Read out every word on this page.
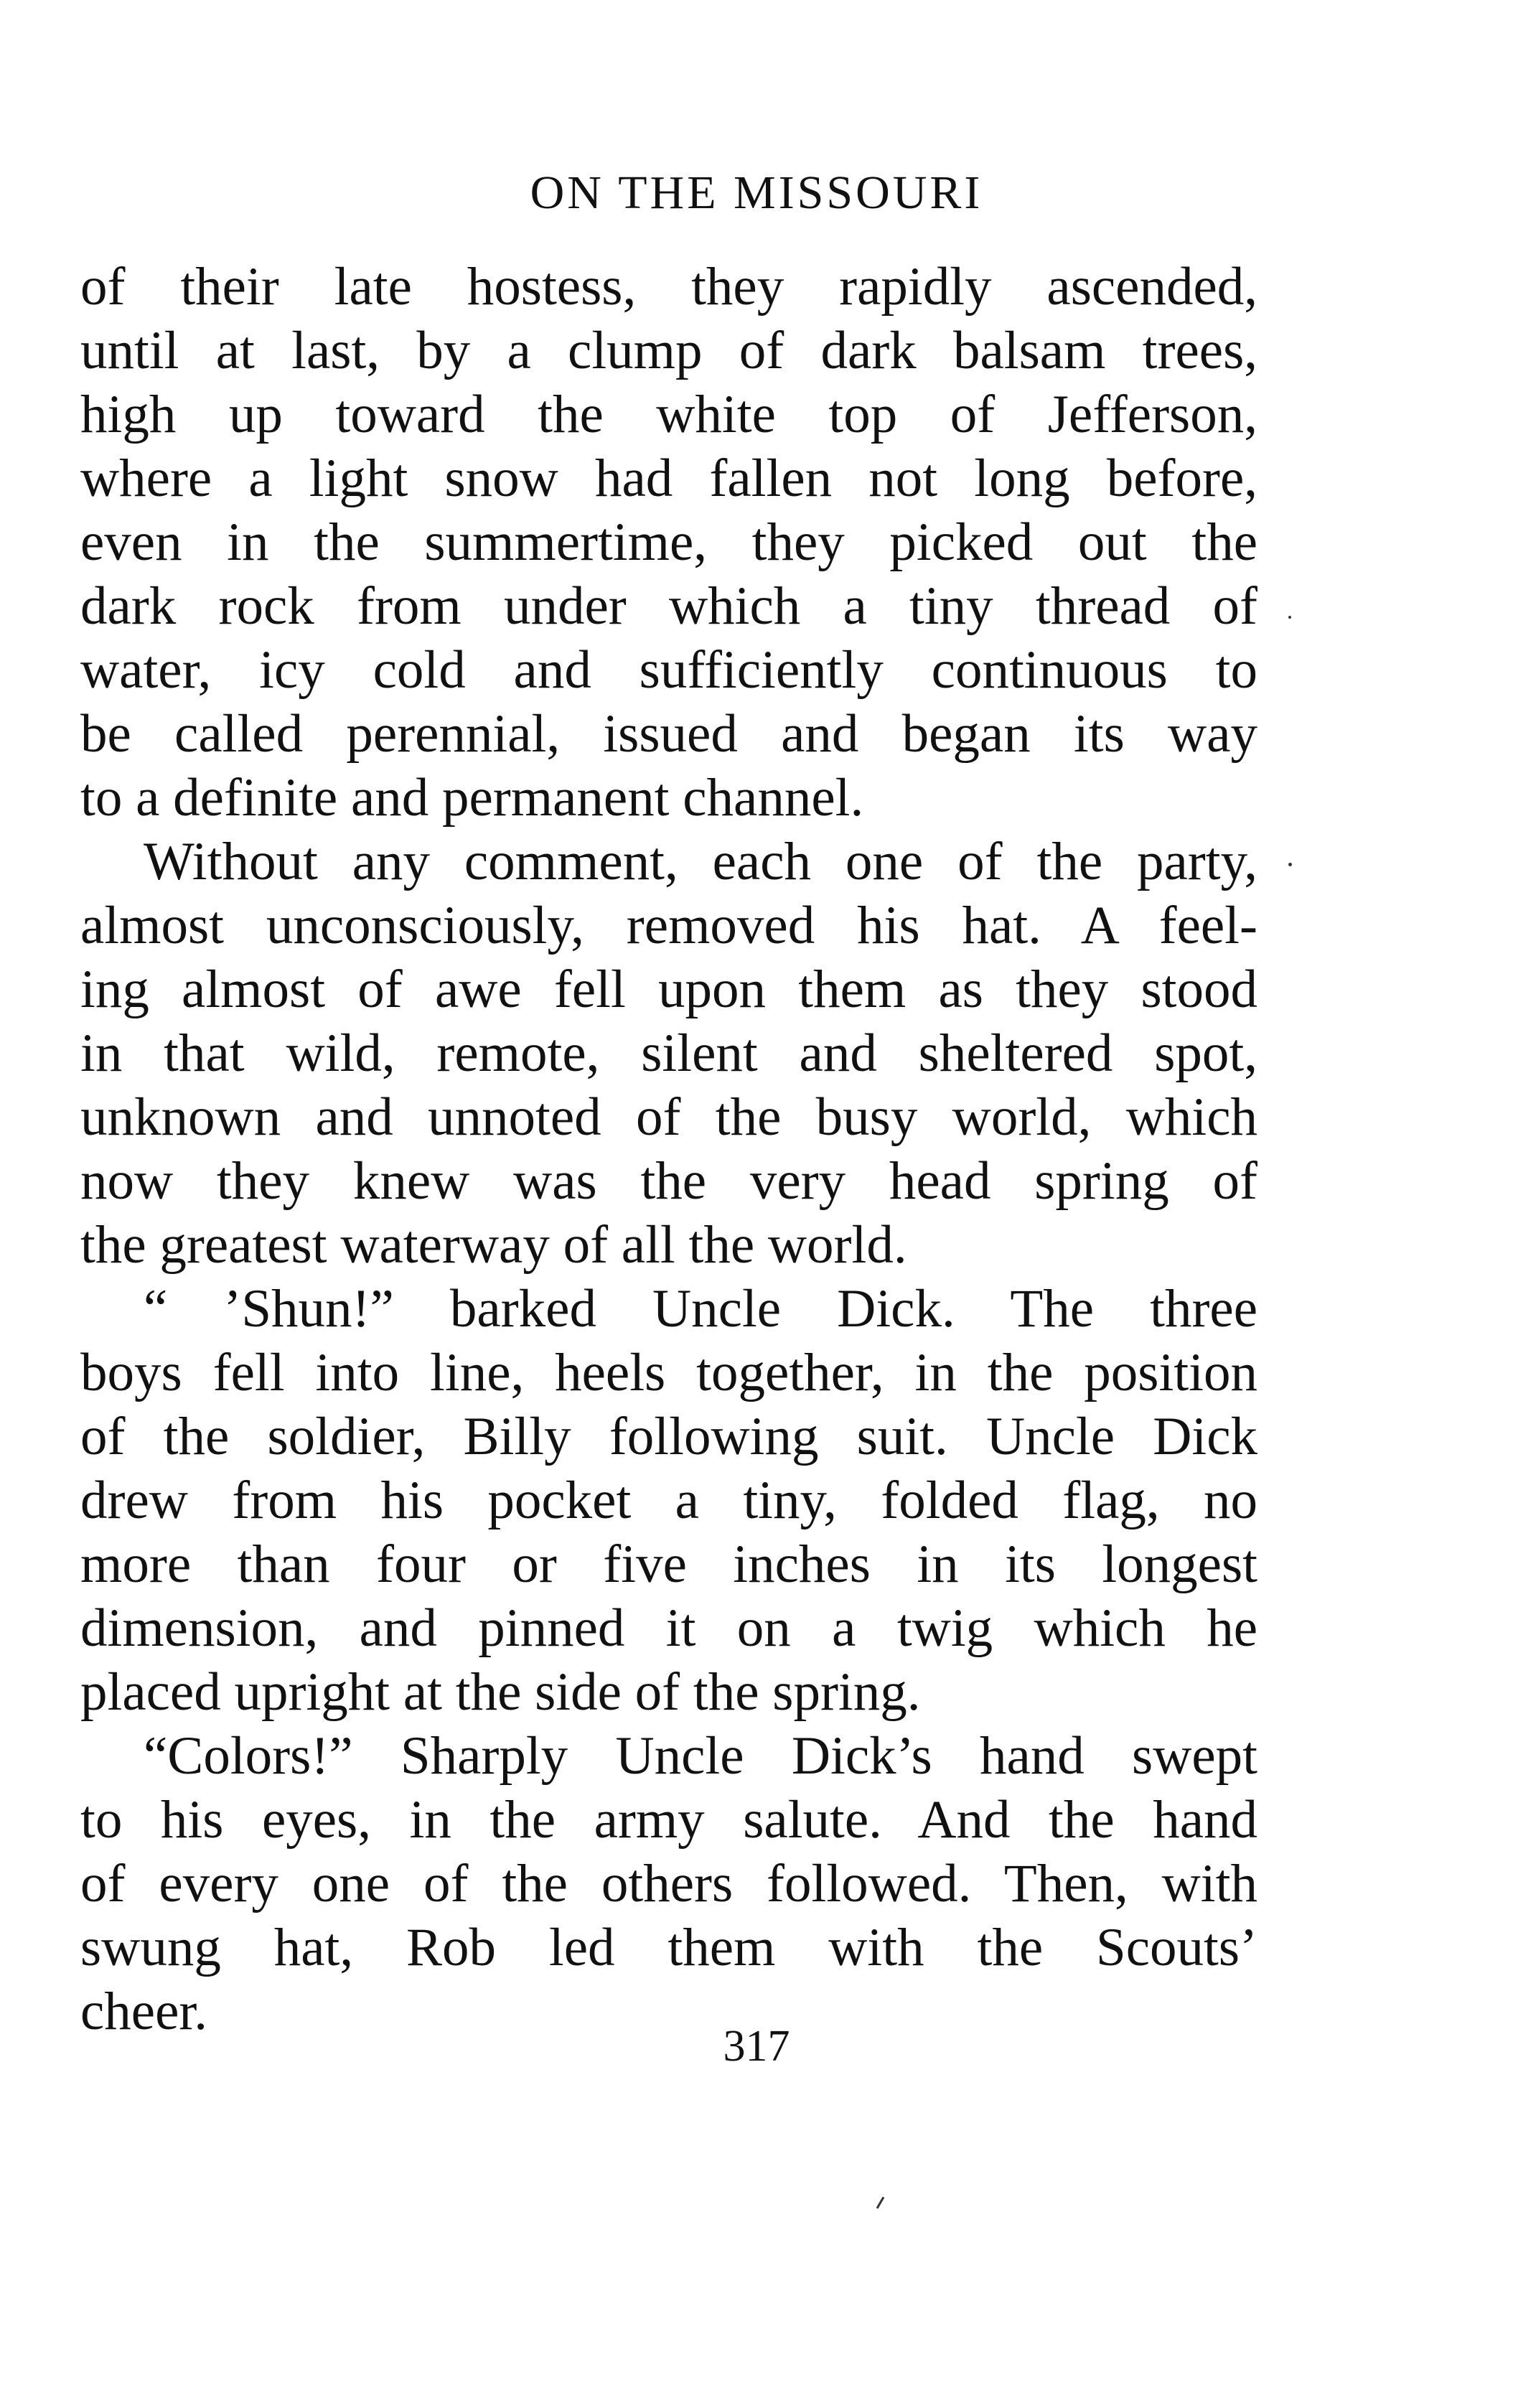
ON THE MISSOURI
of their late hostess, they rapidly ascended,
until at last, by a clump of dark balsam trees,
high up toward the white top of Jefferson,
where a light snow had fallen not long before,
even in the summertime, they picked out the
dark rock from under which a tiny thread of
water, icy cold and sufficiently continuous to
be called perennial, issued and began its way
to a definite and permanent channel.
Without any comment, each one of the party,
almost unconsciously, removed his hat. A feel-
ing almost of awe fell upon them as they stood
in that wild, remote, silent and sheltered spot,
unknown and unnoted of the busy world, which
now they knew was the very head spring of
the greatest waterway of all the world.
“ ’Shun!” barked Uncle Dick. The three
boys fell into line, heels together, in the position
of the soldier, Billy following suit. Uncle Dick
drew from his pocket a tiny, folded flag, no
more than four or five inches in its longest
dimension, and pinned it on a twig which he
placed upright at the side of the spring.
“Colors!” Sharply Uncle Dick’s hand swept
to his eyes, in the army salute. And the hand
of every one of the others followed. Then, with
swung hat, Rob led them with the Scouts’
cheer.
317
